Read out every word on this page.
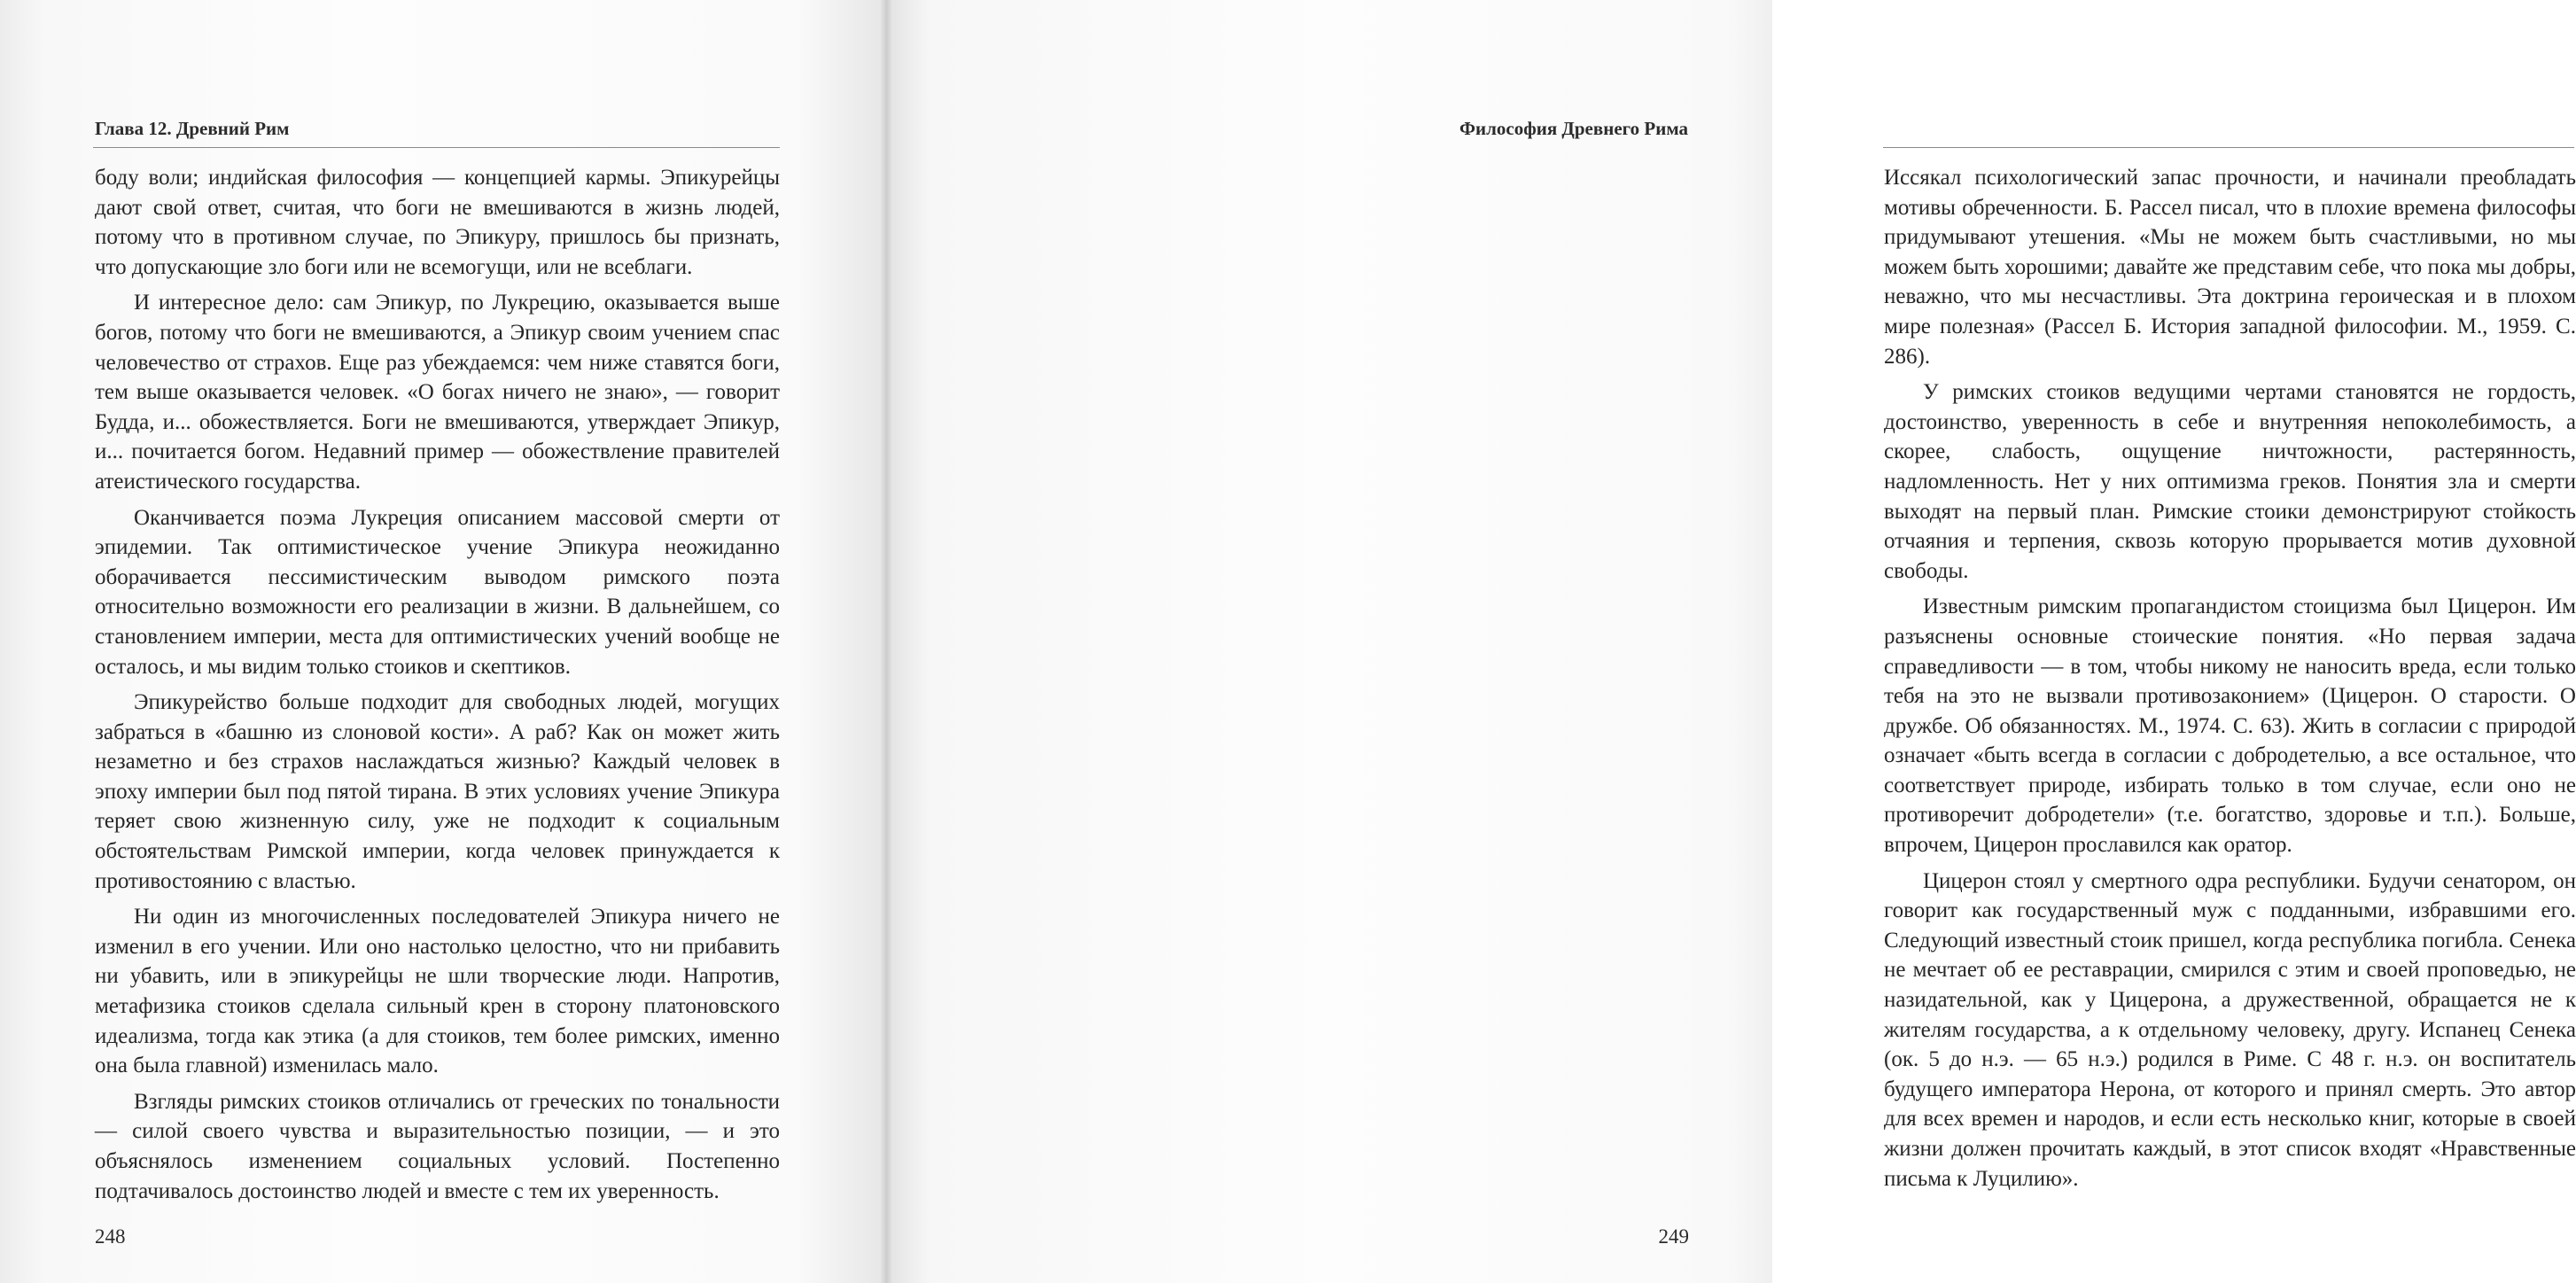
Глава 12. Древний Рим

боду воли; индийская философия — концепцией кармы. Эпикурейцы дают свой ответ, считая, что боги не вмешиваются в жизнь людей, потому что в противном случае, по Эпикуру, пришлось бы признать, что допускающие зло боги или не всемогущи, или не всеблаги.

И интересное дело: сам Эпикур, по Лукрецию, оказывается выше богов, потому что боги не вмешиваются, а Эпикур своим учением спас человечество от страхов. Еще раз убеждаемся: чем ниже ставятся боги, тем выше оказывается человек. «О богах ничего не знаю», — говорит Будда, и... обожествляется. Боги не вмешиваются, утверждает Эпикур, и... почитается богом. Недавний пример — обожествление правителей атеистического государства.

Оканчивается поэма Лукреция описанием массовой смерти от эпидемии. Так оптимистическое учение Эпикура неожиданно оборачивается пессимистическим выводом римского поэта относительно возможности его реализации в жизни. В дальнейшем, со становлением империи, места для оптимистических учений вообще не осталось, и мы видим только стоиков и скептиков.

Эпикурейство больше подходит для свободных людей, могущих забраться в «башню из слоновой кости». А раб? Как он может жить незаметно и без страхов наслаждаться жизнью? Каждый человек в эпоху империи был под пятой тирана. В этих условиях учение Эпикура теряет свою жизненную силу, уже не подходит к социальным обстоятельствам Римской империи, когда человек принуждается к противостоянию с властью.

Ни один из многочисленных последователей Эпикура ничего не изменил в его учении. Или оно настолько целостно, что ни прибавить ни убавить, или в эпикурейцы не шли творческие люди. Напротив, метафизика стоиков сделала сильный крен в сторону платоновского идеализма, тогда как этика (а для стоиков, тем более римских, именно она была главной) изменилась мало.

Взгляды римских стоиков отличались от греческих по тональности — силой своего чувства и выразительностью позиции, — и это объяснялось изменением социальных условий. Постепенно подтачивалось достоинство людей и вместе с тем их уверенность.

248
Философия Древнего Рима

Иссякал психологический запас прочности, и начинали преобладать мотивы обреченности. Б. Рассел писал, что в плохие времена философы придумывают утешения. «Мы не можем быть счастливыми, но мы можем быть хорошими; давайте же представим себе, что пока мы добры, неважно, что мы несчастливы. Эта доктрина героическая и в плохом мире полезная» (Рассел Б. История западной философии. М., 1959. С. 286).

У римских стоиков ведущими чертами становятся не гордость, достоинство, уверенность в себе и внутренняя непоколебимость, а скорее, слабость, ощущение ничтожности, растерянность, надломленность. Нет у них оптимизма греков. Понятия зла и смерти выходят на первый план. Римские стоики демонстрируют стойкость отчаяния и терпения, сквозь которую прорывается мотив духовной свободы.

Известным римским пропагандистом стоицизма был Цицерон. Им разъяснены основные стоические понятия. «Но первая задача справедливости — в том, чтобы никому не наносить вреда, если только тебя на это не вызвали противозаконием» (Цицерон. О старости. О дружбе. Об обязанностях. М., 1974. С. 63). Жить в согласии с природой означает «быть всегда в согласии с добродетелью, а все остальное, что соответствует природе, избирать только в том случае, если оно не противоречит добродетели» (т.е. богатство, здоровье и т.п.). Больше, впрочем, Цицерон прославился как оратор.

Цицерон стоял у смертного одра республики. Будучи сенатором, он говорит как государственный муж с подданными, избравшими его. Следующий известный стоик пришел, когда республика погибла. Сенека не мечтает об ее реставрации, смирился с этим и своей проповедью, не назидательной, как у Цицерона, а дружественной, обращается не к жителям государства, а к отдельному человеку, другу. Испанец Сенека (ок. 5 до н.э. — 65 н.э.) родился в Риме. С 48 г. н.э. он воспитатель будущего императора Нерона, от которого и принял смерть. Это автор для всех времен и народов, и если есть несколько книг, которые в своей жизни должен прочитать каждый, в этот список входят «Нравственные письма к Луцилию».

249
